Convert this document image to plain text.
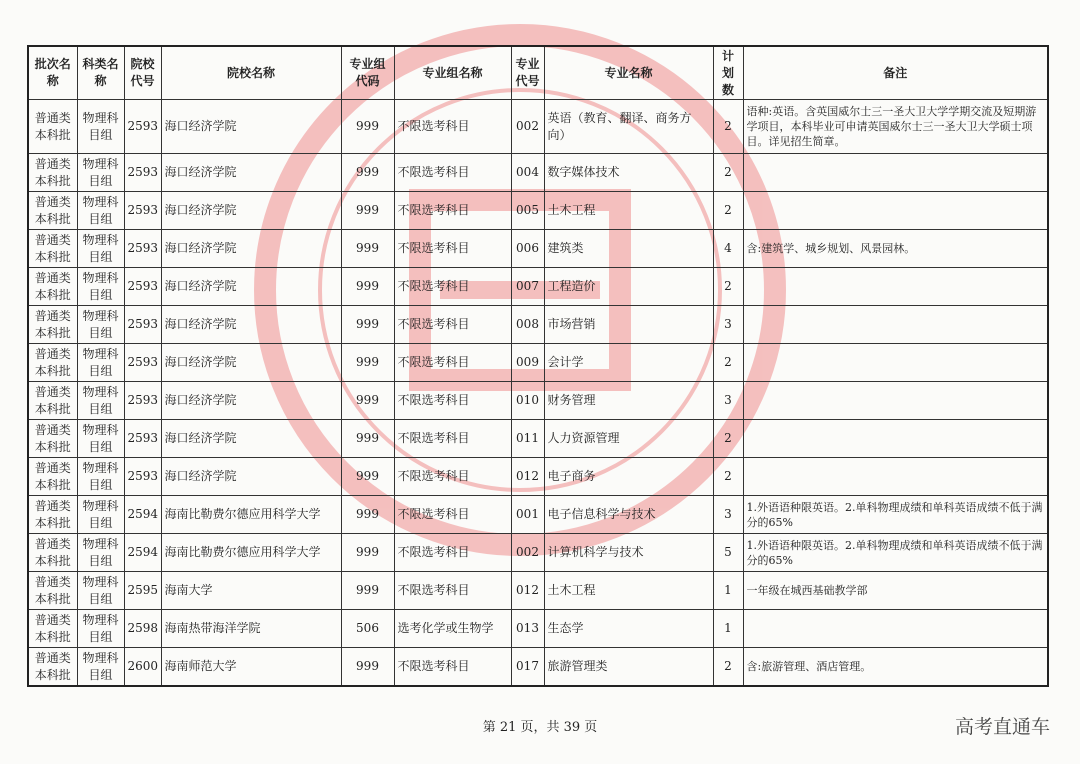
批次名称	科类名称	院校代号	院校名称	专业组代码	专业组名称	专业代号	专业名称	计划数	备注
普通类本科批	物理科目组	2593	海口经济学院	999	不限选考科目	002	英语（教育、翻译、商务方向）	2	语种:英语。含英国威尔士三一圣大卫大学学期交流及短期游学项目，本科毕业可申请英国威尔士三一圣大卫大学硕士项目。详见招生简章。
普通类本科批	物理科目组	2593	海口经济学院	999	不限选考科目	004	数字媒体技术	2	
普通类本科批	物理科目组	2593	海口经济学院	999	不限选考科目	005	土木工程	2	
普通类本科批	物理科目组	2593	海口经济学院	999	不限选考科目	006	建筑类	4	含:建筑学、城乡规划、风景园林。
普通类本科批	物理科目组	2593	海口经济学院	999	不限选考科目	007	工程造价	2	
普通类本科批	物理科目组	2593	海口经济学院	999	不限选考科目	008	市场营销	3	
普通类本科批	物理科目组	2593	海口经济学院	999	不限选考科目	009	会计学	2	
普通类本科批	物理科目组	2593	海口经济学院	999	不限选考科目	010	财务管理	3	
普通类本科批	物理科目组	2593	海口经济学院	999	不限选考科目	011	人力资源管理	2	
普通类本科批	物理科目组	2593	海口经济学院	999	不限选考科目	012	电子商务	2	
普通类本科批	物理科目组	2594	海南比勒费尔德应用科学大学	999	不限选考科目	001	电子信息科学与技术	3	1.外语语种限英语。2.单科物理成绩和单科英语成绩不低于满分的65%
普通类本科批	物理科目组	2594	海南比勒费尔德应用科学大学	999	不限选考科目	002	计算机科学与技术	5	1.外语语种限英语。2.单科物理成绩和单科英语成绩不低于满分的65%
普通类本科批	物理科目组	2595	海南大学	999	不限选考科目	012	土木工程	1	一年级在城西基础教学部
普通类本科批	物理科目组	2598	海南热带海洋学院	506	选考化学或生物学	013	生态学	1	
普通类本科批	物理科目组	2600	海南师范大学	999	不限选考科目	017	旅游管理类	2	含:旅游管理、酒店管理。
第 21 页，共 39 页	高考直通车
